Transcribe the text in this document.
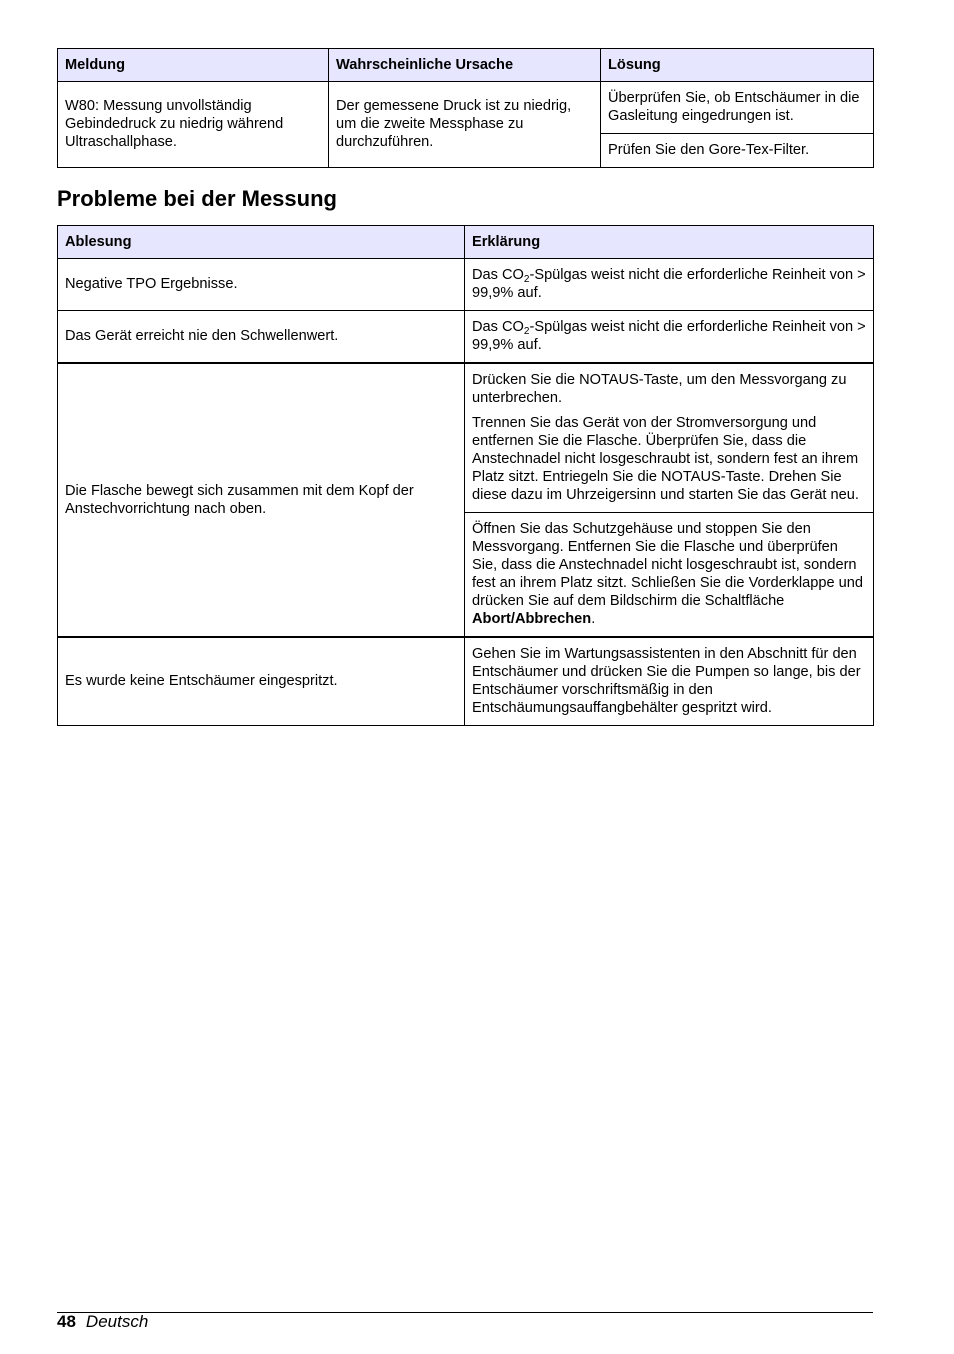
Meldung	Wahrscheinliche Ursache	Lösung
W80: Messung unvollständig Gebindedruck zu niedrig während Ultraschallphase.	Der gemessene Druck ist zu niedrig, um die zweite Messphase zu durchzuführen.	Überprüfen Sie, ob Entschäumer in die Gasleitung eingedrungen ist.
		Prüfen Sie den Gore-Tex-Filter.
Probleme bei der Messung
Ablesung	Erklärung
Negative TPO Ergebnisse.	Das $CO_2$-Spülgas weist nicht die erforderliche Reinheit von > 99,9% auf.
Das Gerät erreicht nie den Schwellenwert.	Das $CO_2$-Spülgas weist nicht die erforderliche Reinheit von > 99,9% auf.
Die Flasche bewegt sich zusammen mit dem Kopf der Anstechvorrichtung nach oben.	Drücken Sie die NOTAUS-Taste, um den Messvorgang zu unterbrechen.

Trennen Sie das Gerät von der Stromversorgung und entfernen Sie die Flasche. Überprüfen Sie, dass die Anstechnadel nicht losgeschraubt ist, sondern fest an ihrem Platz sitzt. Entriegeln Sie die NOTAUS-Taste. Drehen Sie diese dazu im Uhrzeigersinn und starten Sie das Gerät neu.

	Öffnen Sie das Schutzgehäuse und stoppen Sie den Messvorgang. Entfernen Sie die Flasche und überprüfen Sie, dass die Anstechnadel nicht losgeschraubt ist, sondern fest an ihrem Platz sitzt. Schließen Sie die Vorderklappe und drücken Sie auf dem Bildschirm die Schaltfläche Abort/Abbrechen.
Es wurde keine Entschäumer eingespritzt.	Gehen Sie im Wartungsassistenten in den Abschnitt für den Entschäumer und drücken Sie die Pumpen so lange, bis der Entschäumer vorschriftsmäßig in den Entschäumungsauffangbehälter gespritzt wird.
48 Deutsch
